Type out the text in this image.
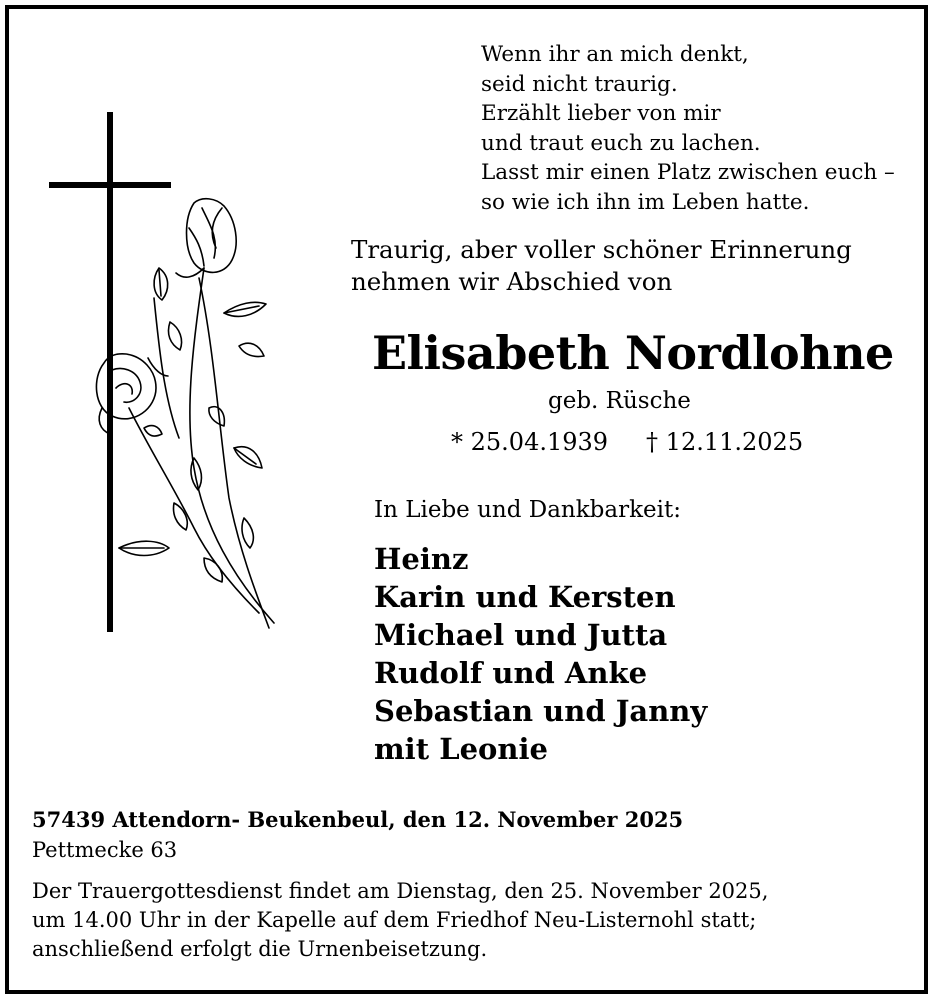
Wenn ihr an mich denkt,
seid nicht traurig.
Erzählt lieber von mir
und traut euch zu lachen.
Lasst mir einen Platz zwischen euch –
so wie ich ihn im Leben hatte.
Traurig, aber voller schöner Erinnerung
nehmen wir Abschied von
Elisabeth Nordlohne
geb. Rüsche
* 25.04.1939 † 12.11.2025
In Liebe und Dankbarkeit:
Heinz
Karin und Kersten
Michael und Jutta
Rudolf und Anke
Sebastian und Janny
mit Leonie
57439 Attendorn- Beukenbeul, den 12. November 2025
Pettmecke 63
Der Trauergottesdienst findet am Dienstag, den 25. November 2025,
um 14.00 Uhr in der Kapelle auf dem Friedhof Neu-Listernohl statt;
anschließend erfolgt die Urnenbeisetzung.
